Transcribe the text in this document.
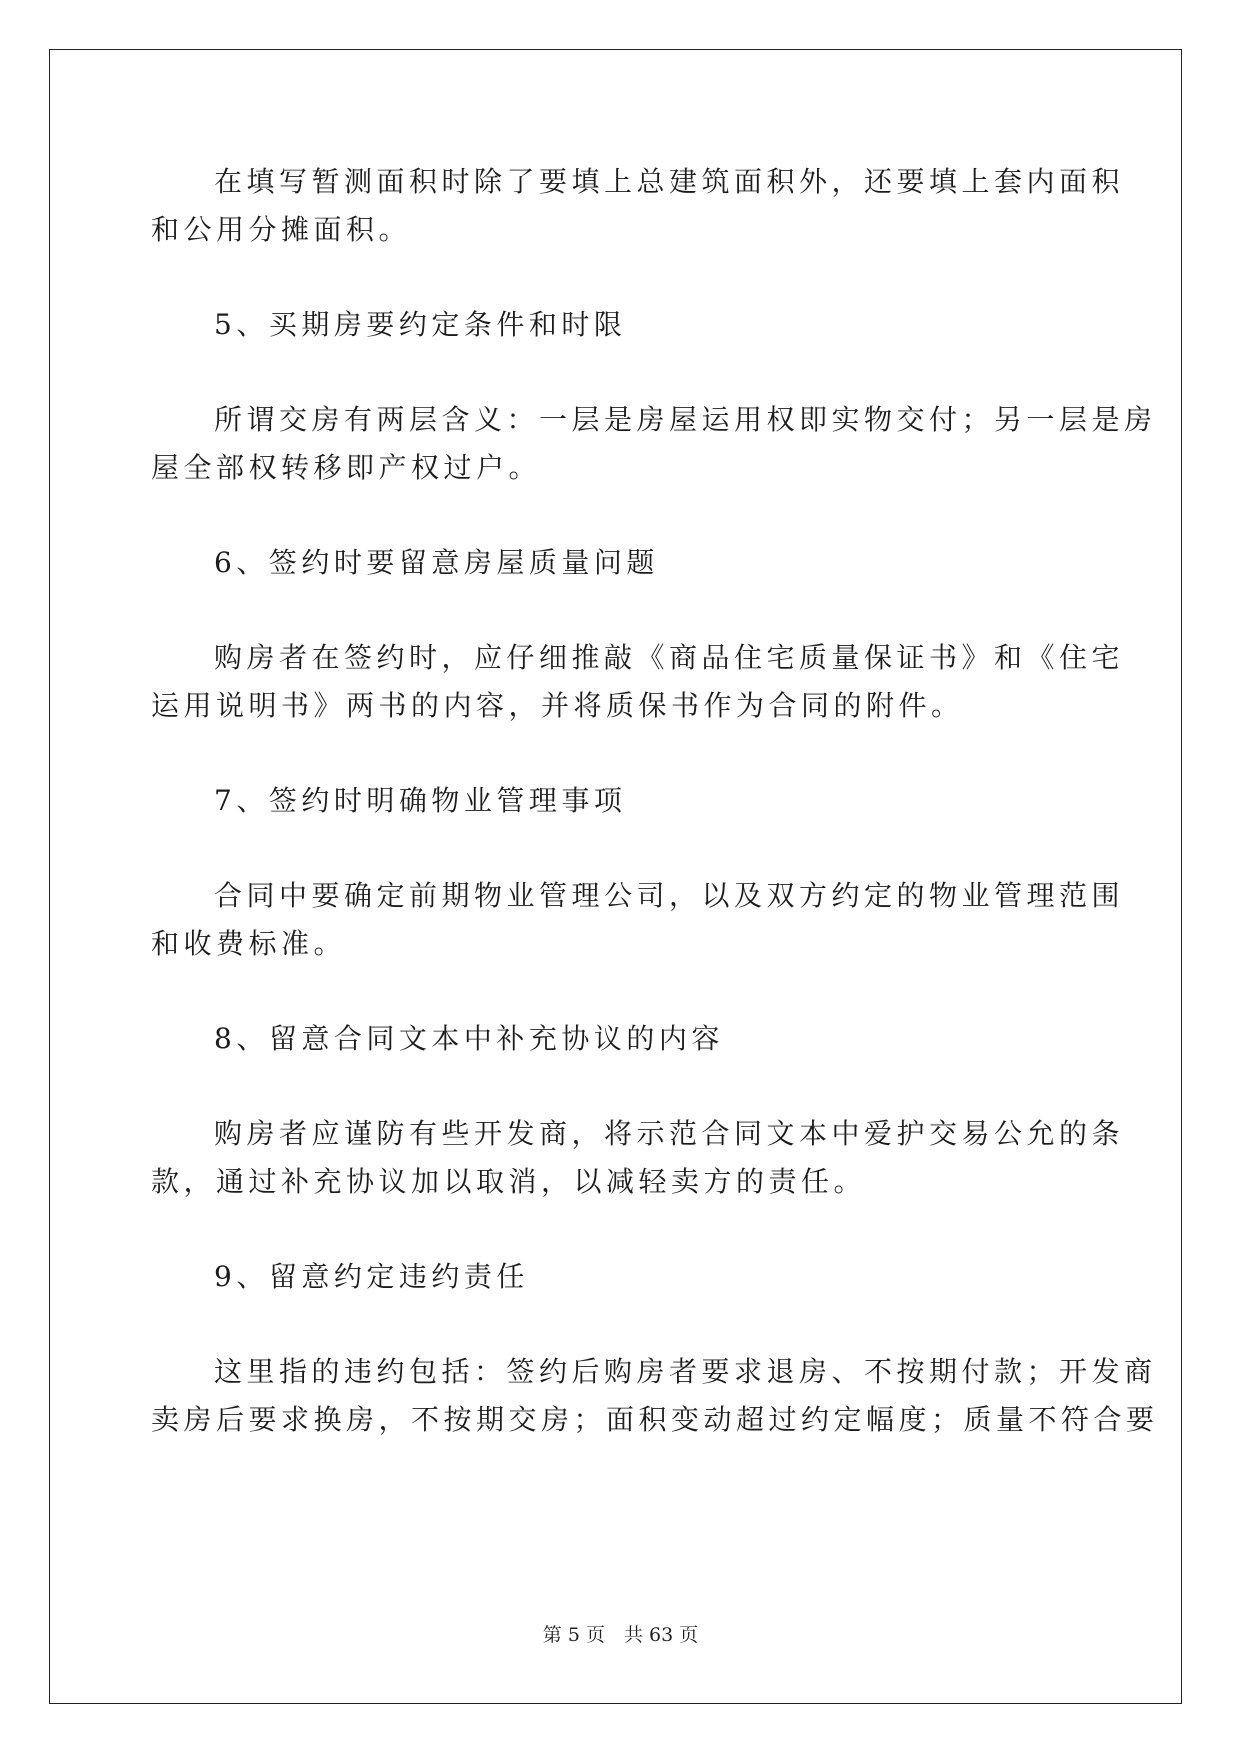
在填写暂测面积时除了要填上总建筑面积外，还要填上套内面积
和公用分摊面积。
5、买期房要约定条件和时限
所谓交房有两层含义：一层是房屋运用权即实物交付；另一层是房
屋全部权转移即产权过户。
6、签约时要留意房屋质量问题
购房者在签约时，应仔细推敲《商品住宅质量保证书》和《住宅
运用说明书》两书的内容，并将质保书作为合同的附件。
7、签约时明确物业管理事项
合同中要确定前期物业管理公司，以及双方约定的物业管理范围
和收费标准。
8、留意合同文本中补充协议的内容
购房者应谨防有些开发商，将示范合同文本中爱护交易公允的条
款，通过补充协议加以取消，以减轻卖方的责任。
9、留意约定违约责任
这里指的违约包括：签约后购房者要求退房、不按期付款；开发商
卖房后要求换房，不按期交房；面积变动超过约定幅度；质量不符合要
第 5 页　共 63 页
